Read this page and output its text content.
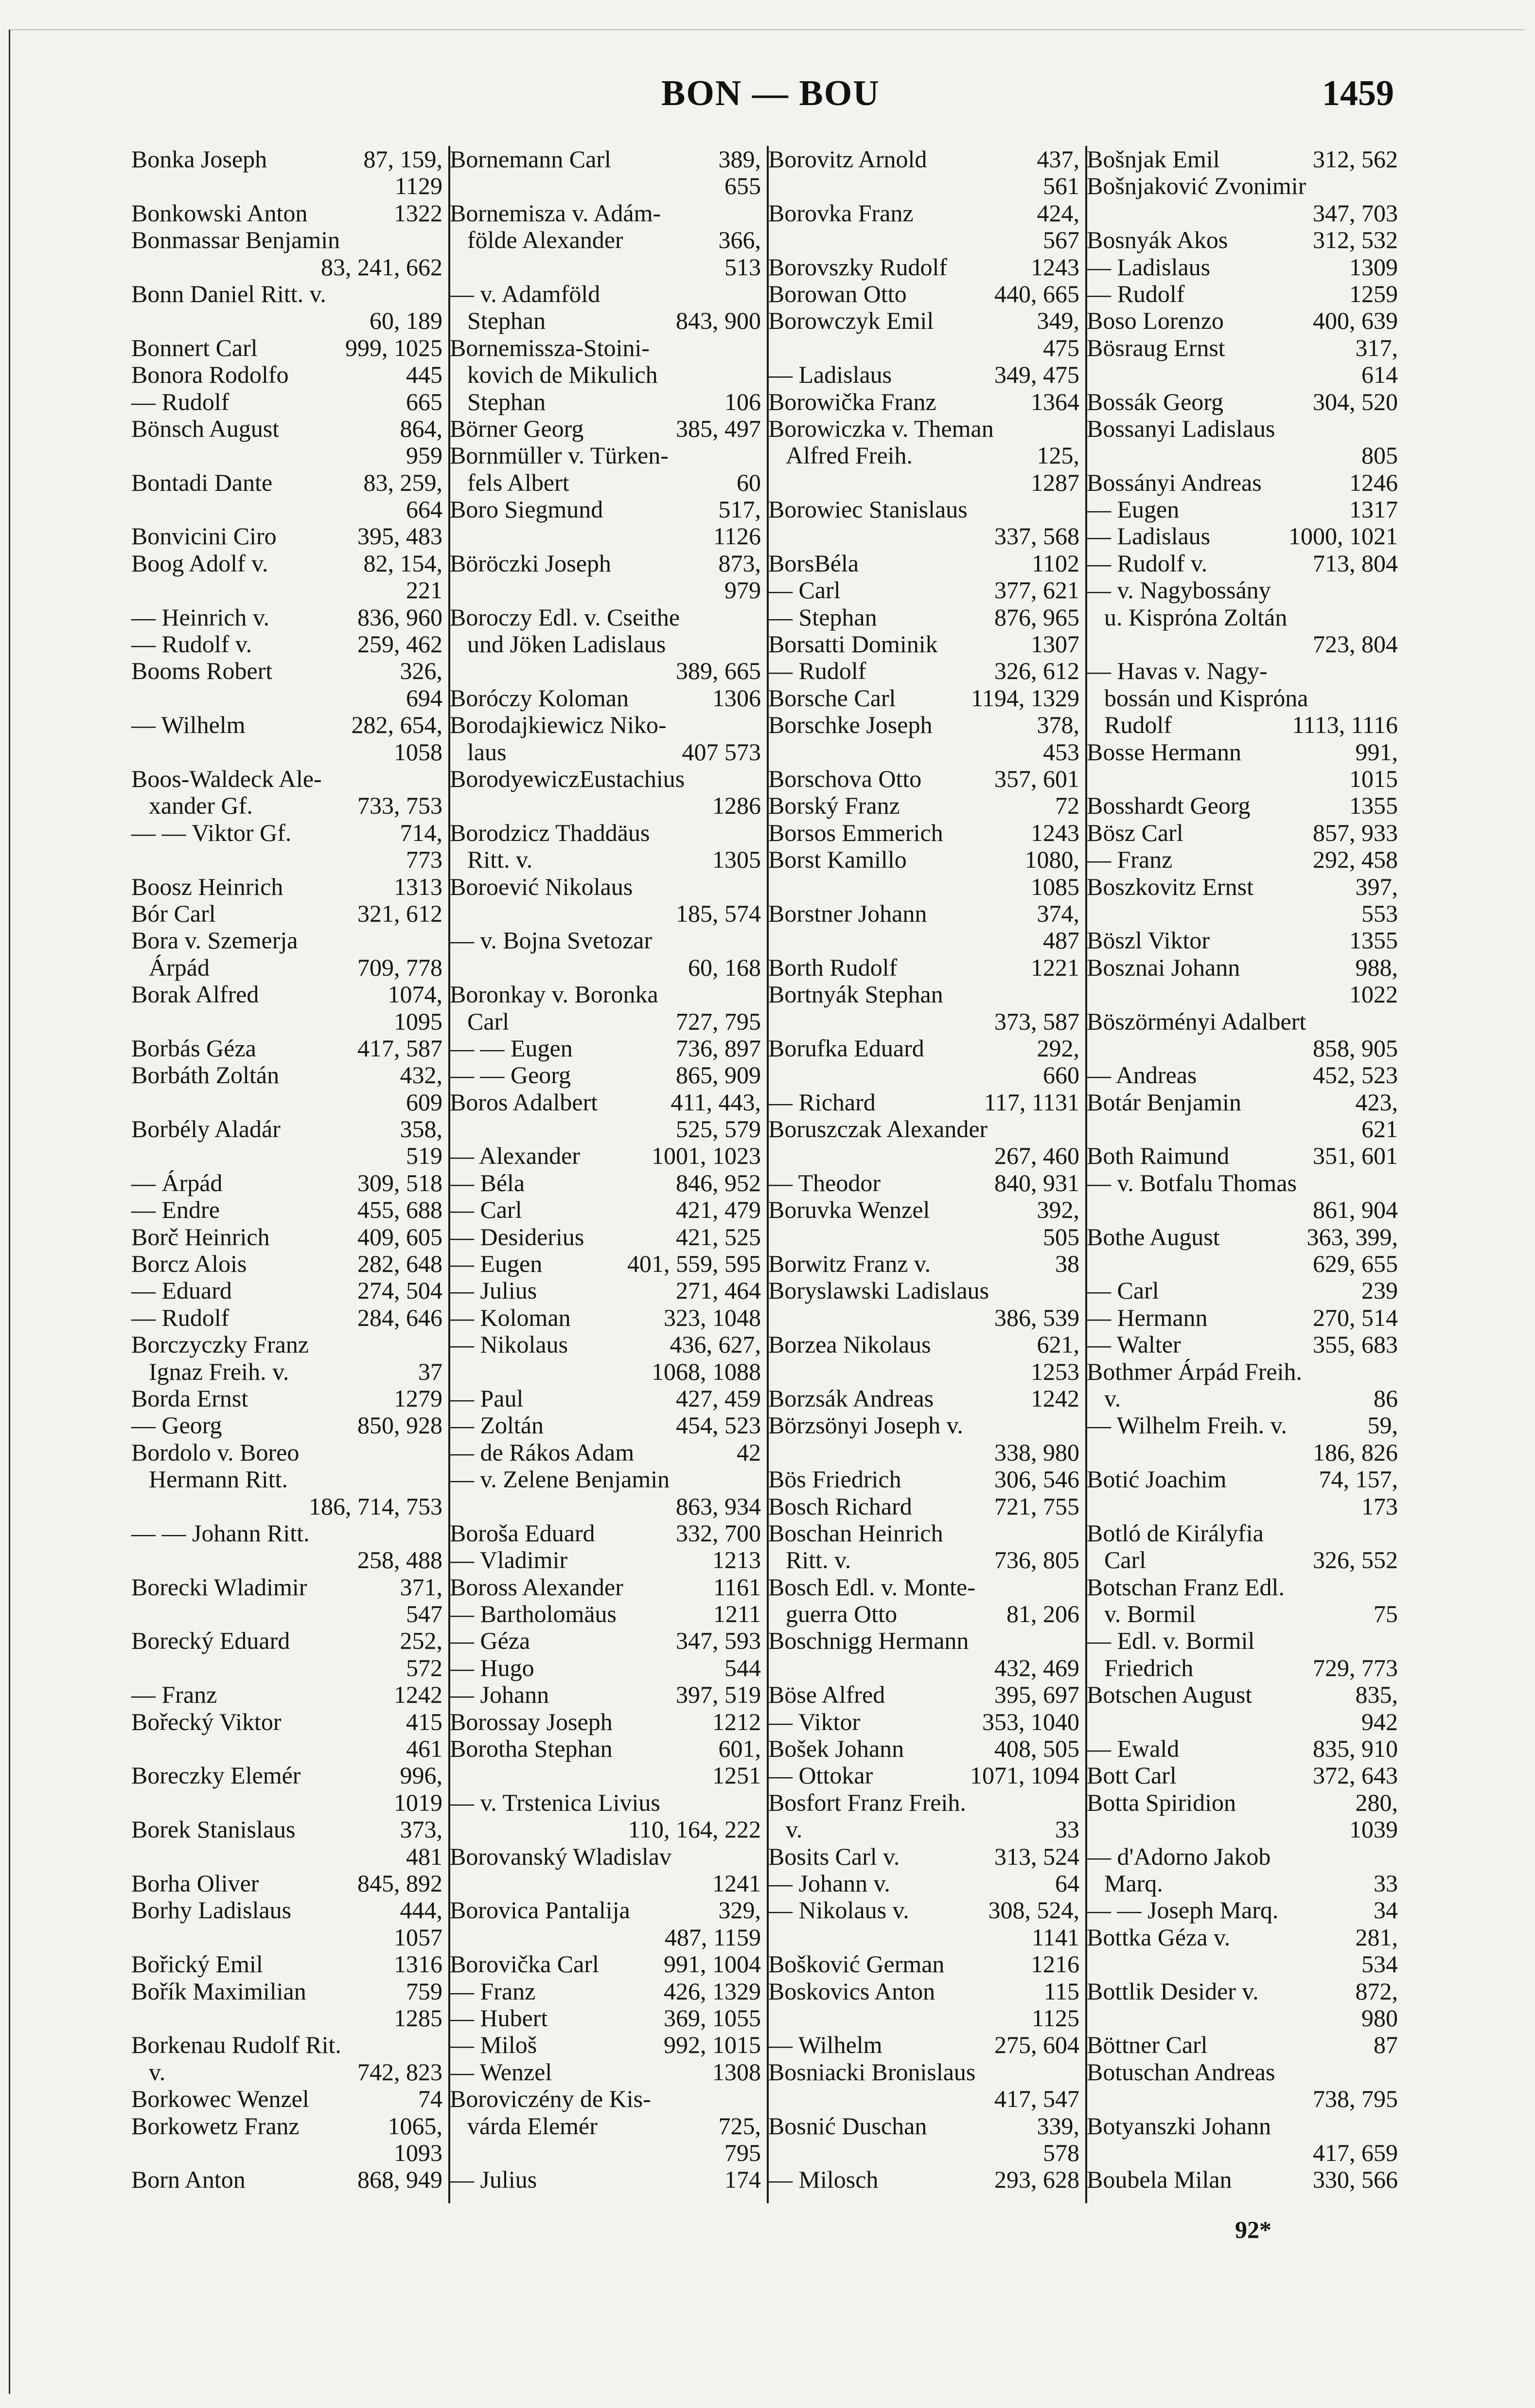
BON — BOU	1459
Bonka Joseph	87, 159,
1129
Bonkowski Anton	1322
Bonmassar Benjamin
83, 241, 662
Bonn Daniel Ritt. v.
60, 189
Bonnert Carl	999, 1025
Bonora Rodolfo	445
— Rudolf	665
Bönsch August	864,
959
Bontadi Dante	83, 259,
664
Bonvicini Ciro	395, 483
Boog Adolf v.	82, 154,
221
— Heinrich v.	836, 960
— Rudolf v.	259, 462
Booms Robert	326,
694
— Wilhelm	282, 654,
1058
Boos-Waldeck Ale-
xander Gf.	733, 753
— — Viktor Gf.	714,
773
Boosz Heinrich	1313
Bór Carl	321, 612
Bora v. Szemerja
Árpád	709, 778
Borak Alfred	1074,
1095
Borbás Géza	417, 587
Borbáth Zoltán	432,
609
Borbély Aladár	358,
519
— Árpád	309, 518
— Endre	455, 688
Borč Heinrich	409, 605
Borcz Alois	282, 648
— Eduard	274, 504
— Rudolf	284, 646
Borczyczky Franz
Ignaz Freih. v.	37
Borda Ernst	1279
— Georg	850, 928
Bordolo v. Boreo
Hermann Ritt.
186, 714, 753
— — Johann Ritt.
258, 488
Borecki Wladimir	371,
547
Borecký Eduard	252,
572
— Franz	1242
Bořecký Viktor	415
461
Boreczky Elemér	996,
1019
Borek Stanislaus	373,
481
Borha Oliver	845, 892
Borhy Ladislaus	444,
1057
Bořický Emil	1316
Bořík Maximilian	759
1285
Borkenau Rudolf Rit.
v.	742, 823
Borkowec Wenzel	74
Borkowetz Franz	1065,
1093
Born Anton	868, 949
Bornemann Carl	389,
655
Bornemisza v. Adám-
földe Alexander	366,
513
— v. Adamföld
Stephan	843, 900
Bornemissza-Stoini-
kovich de Mikulich
Stephan	106
Börner Georg	385, 497
Bornmüller v. Türken-
fels Albert	60
Boro Siegmund	517,
1126
Böröczki Joseph	873,
979
Boroczy Edl. v. Cseithe
und Jöken Ladislaus
389, 665
Boróczy Koloman	1306
Borodajkiewicz Niko-
laus	407 573
BorodyewiczEustachius
1286
Borodzicz Thaddäus
Ritt. v.	1305
Boroević Nikolaus
185, 574
— v. Bojna Svetozar
60, 168
Boronkay v. Boronka
Carl	727, 795
— — Eugen	736, 897
— — Georg	865, 909
Boros Adalbert	411, 443,
525, 579
— Alexander	1001, 1023
— Béla	846, 952
— Carl	421, 479
— Desiderius	421, 525
— Eugen	401, 559, 595
— Julius	271, 464
— Koloman	323, 1048
— Nikolaus	436, 627,
1068, 1088
— Paul	427, 459
— Zoltán	454, 523
— de Rákos Adam	42
— v. Zelene Benjamin
863, 934
Boroša Eduard	332, 700
— Vladimir	1213
Boross Alexander	1161
— Bartholomäus	1211
— Géza	347, 593
— Hugo	544
— Johann	397, 519
Borossay Joseph	1212
Borotha Stephan	601,
1251
— v. Trstenica Livius
110, 164, 222
Borovanský Wladislav
1241
Borovica Pantalija	329,
487, 1159
Borovička Carl	991, 1004
— Franz	426, 1329
— Hubert	369, 1055
— Miloš	992, 1015
— Wenzel	1308
Boroviczény de Kis-
várda Elemér	725,
795
— Julius	174
Borovitz Arnold	437,
561
Borovka Franz	424,
567
Borovszky Rudolf	1243
Borowan Otto	440, 665
Borowczyk Emil	349,
475
— Ladislaus	349, 475
Borowička Franz	1364
Borowiczka v. Theman
Alfred Freih.	125,
1287
Borowiec Stanislaus
337, 568
BorsBéla	1102
— Carl	377, 621
— Stephan	876, 965
Borsatti Dominik	1307
— Rudolf	326, 612
Borsche Carl	1194, 1329
Borschke Joseph	378,
453
Borschova Otto	357, 601
Borský Franz	72
Borsos Emmerich	1243
Borst Kamillo	1080,
1085
Borstner Johann	374,
487
Borth Rudolf	1221
Bortnyák Stephan
373, 587
Borufka Eduard	292,
660
— Richard	117, 1131
Boruszczak Alexander
267, 460
— Theodor	840, 931
Boruvka Wenzel	392,
505
Borwitz Franz v.	38
Boryslawski Ladislaus
386, 539
Borzea Nikolaus	621,
1253
Borzsák Andreas	1242
Börzsönyi Joseph v.
338, 980
Bös Friedrich	306, 546
Bosch Richard	721, 755
Boschan Heinrich
Ritt. v.	736, 805
Bosch Edl. v. Monte-
guerra Otto	81, 206
Boschnigg Hermann
432, 469
Böse Alfred	395, 697
— Viktor	353, 1040
Bošek Johann	408, 505
— Ottokar	1071, 1094
Bosfort Franz Freih.
v.	33
Bosits Carl v.	313, 524
— Johann v.	64
— Nikolaus v.	308, 524,
1141
Bošković German	1216
Boskovics Anton	115
1125
— Wilhelm	275, 604
Bosniacki Bronislaus
417, 547
Bosnić Duschan	339,
578
— Milosch	293, 628
Bošnjak Emil	312, 562
Bošnjaković Zvonimir
347, 703
Bosnyák Akos	312, 532
— Ladislaus	1309
— Rudolf	1259
Boso Lorenzo	400, 639
Bösraug Ernst	317,
614
Bossák Georg	304, 520
Bossanyi Ladislaus
805
Bossányi Andreas	1246
— Eugen	1317
— Ladislaus	1000, 1021
— Rudolf v.	713, 804
— v. Nagybossány
u. Kisprόna Zoltán
723, 804
— Havas v. Nagy-
bossán und Kisprόna
Rudolf	1113, 1116
Bosse Hermann	991,
1015
Bosshardt Georg	1355
Bösz Carl	857, 933
— Franz	292, 458
Boszkovitz Ernst	397,
553
Böszl Viktor	1355
Bosznai Johann	988,
1022
Böszörményi Adalbert
858, 905
— Andreas	452, 523
Botár Benjamin	423,
621
Both Raimund	351, 601
— v. Botfalu Thomas
861, 904
Bothe August	363, 399,
629, 655
— Carl	239
— Hermann	270, 514
— Walter	355, 683
Bothmer Árpád Freih.
v.	86
— Wilhelm Freih. v.	59,
186, 826
Botić Joachim	74, 157,
173
Botló de Királyfia
Carl	326, 552
Botschan Franz Edl.
v. Bormil	75
— Edl. v. Bormil
Friedrich	729, 773
Botschen August	835,
942
— Ewald	835, 910
Bott Carl	372, 643
Botta Spiridion	280,
1039
— d'Adorno Jakob
Marq.	33
— — Joseph Marq.	34
Bottka Géza v.	281,
534
Bottlik Desider v.	872,
980
Böttner Carl	87
Botuschan Andreas
738, 795
Botyanszki Johann
417, 659
Boubela Milan	330, 566
92*
